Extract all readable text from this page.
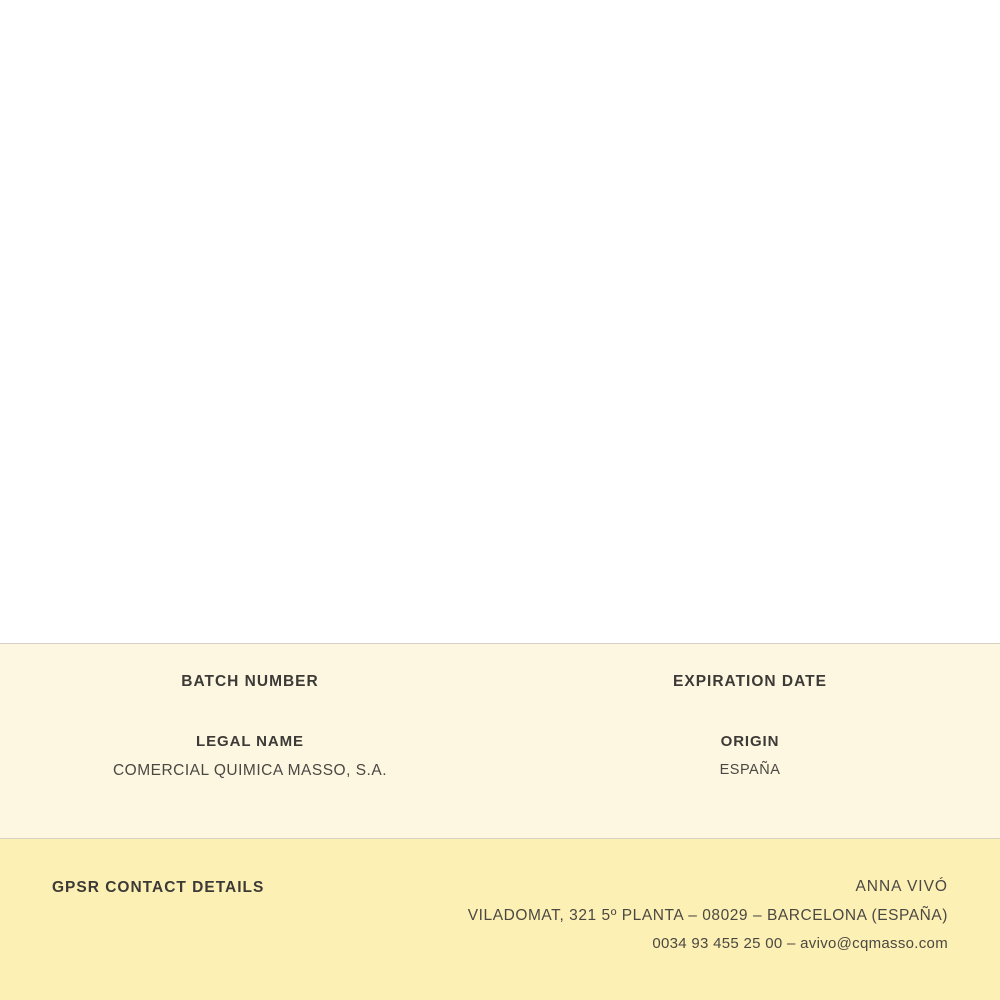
BATCH NUMBER	EXPIRATION DATE
LEGAL NAME
COMERCIAL QUIMICA MASSO, S.A.
ORIGIN
ESPAÑA
GPSR CONTACT DETAILS	ANNA VIVÓ
VILADOMAT, 321 5º PLANTA – 08029 – BARCELONA (ESPAÑA)
0034 93 455 25 00 – avivo@cqmasso.com
